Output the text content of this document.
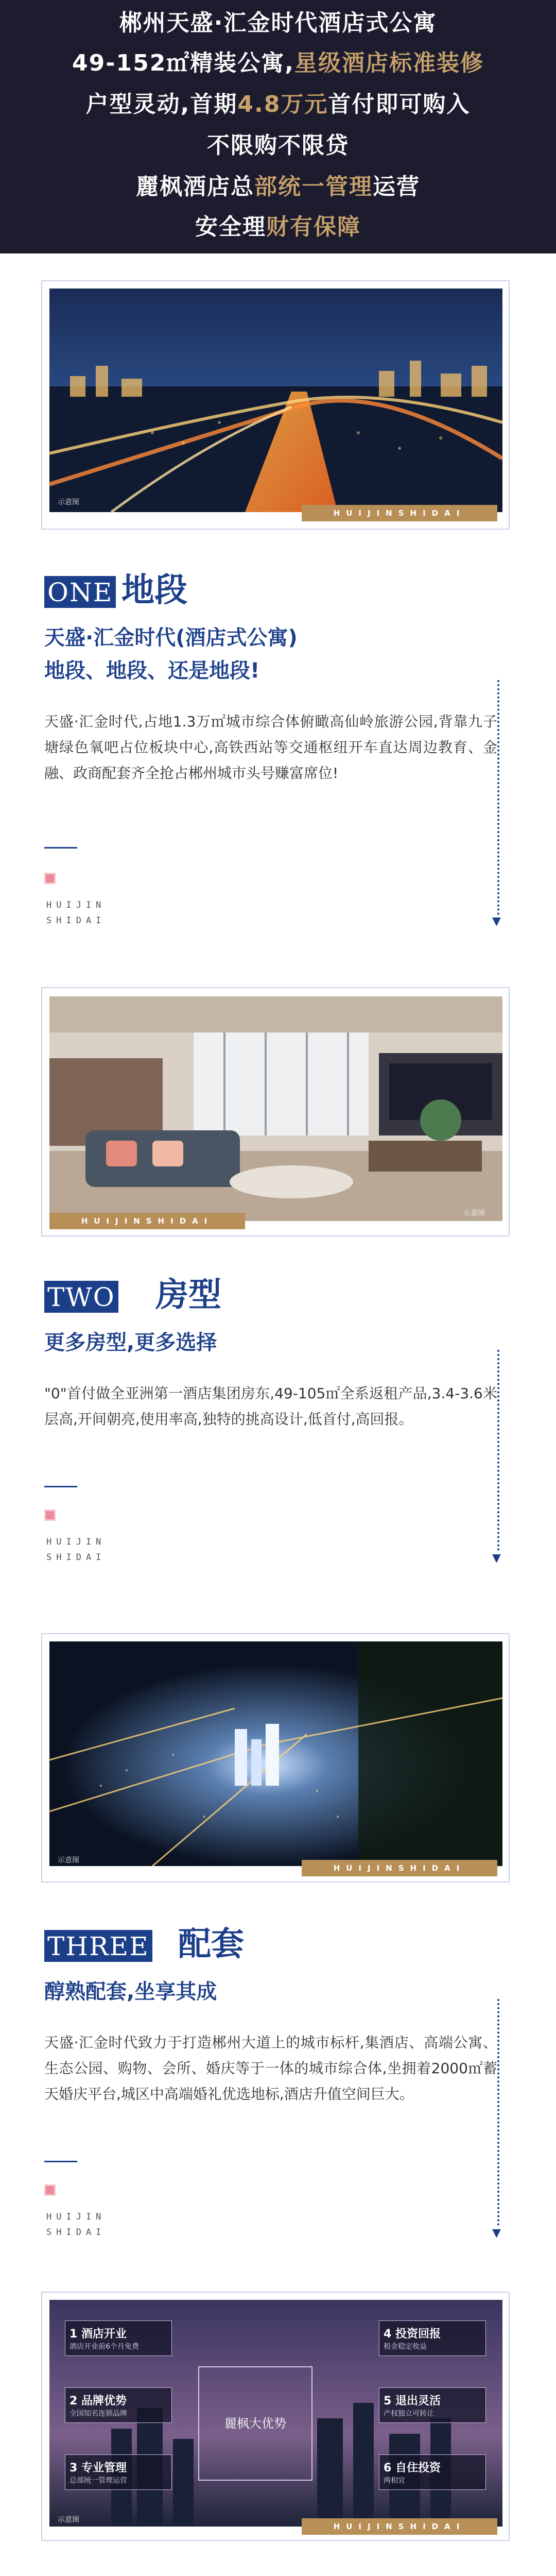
郴州天盛·汇金时代酒店式公寓
49-152㎡精装公寓,星级酒店标准装修
户型灵动,首期4.8万元首付即可购入
不限购不限贷
麗枫酒店总部统一管理运营
安全理财有保障
示意图
HUIJINSHIDAI
ONE 地段
天盛·汇金时代(酒店式公寓)
地段、地段、还是地段!
天盛·汇金时代,占地1.3万㎡城市综合体俯瞰高仙岭旅游公园,背靠九子塘绿色氧吧占位板块中心,高铁西站等交通枢纽开车直达周边教育、金融、政商配套齐全抢占郴州城市头号赚富席位!
HUIJIN
SHIDAI	▼
示意图
HUIJINSHIDAI
TWO 房型
更多房型,更多选择
"0"首付做全亚洲第一酒店集团房东,49-105㎡全系返租产品,3.4-3.6米层高,开间朝亮,使用率高,独特的挑高设计,低首付,高回报。
HUIJIN
SHIDAI	▼
示意图
HUIJINSHIDAI
THREE 配套
醇熟配套,坐享其成
天盛·汇金时代致力于打造郴州大道上的城市标杆,集酒店、高端公寓、生态公园、购物、会所、婚庆等于一体的城市综合体,坐拥着2000㎡蓄天婚庆平台,城区中高端婚礼优选地标,酒店升值空间巨大。
HUIJIN
SHIDAI	▼
麗枫大优势
1 酒店开业
酒店开业前6个月免费
2 品牌优势
全国知名连锁品牌
3 专业管理
总部统一管理运营
4 投资回报
租金稳定收益
5 退出灵活
产权独立可转让
6 自住投资
两相宜
示意图
HUIJINSHIDAI
